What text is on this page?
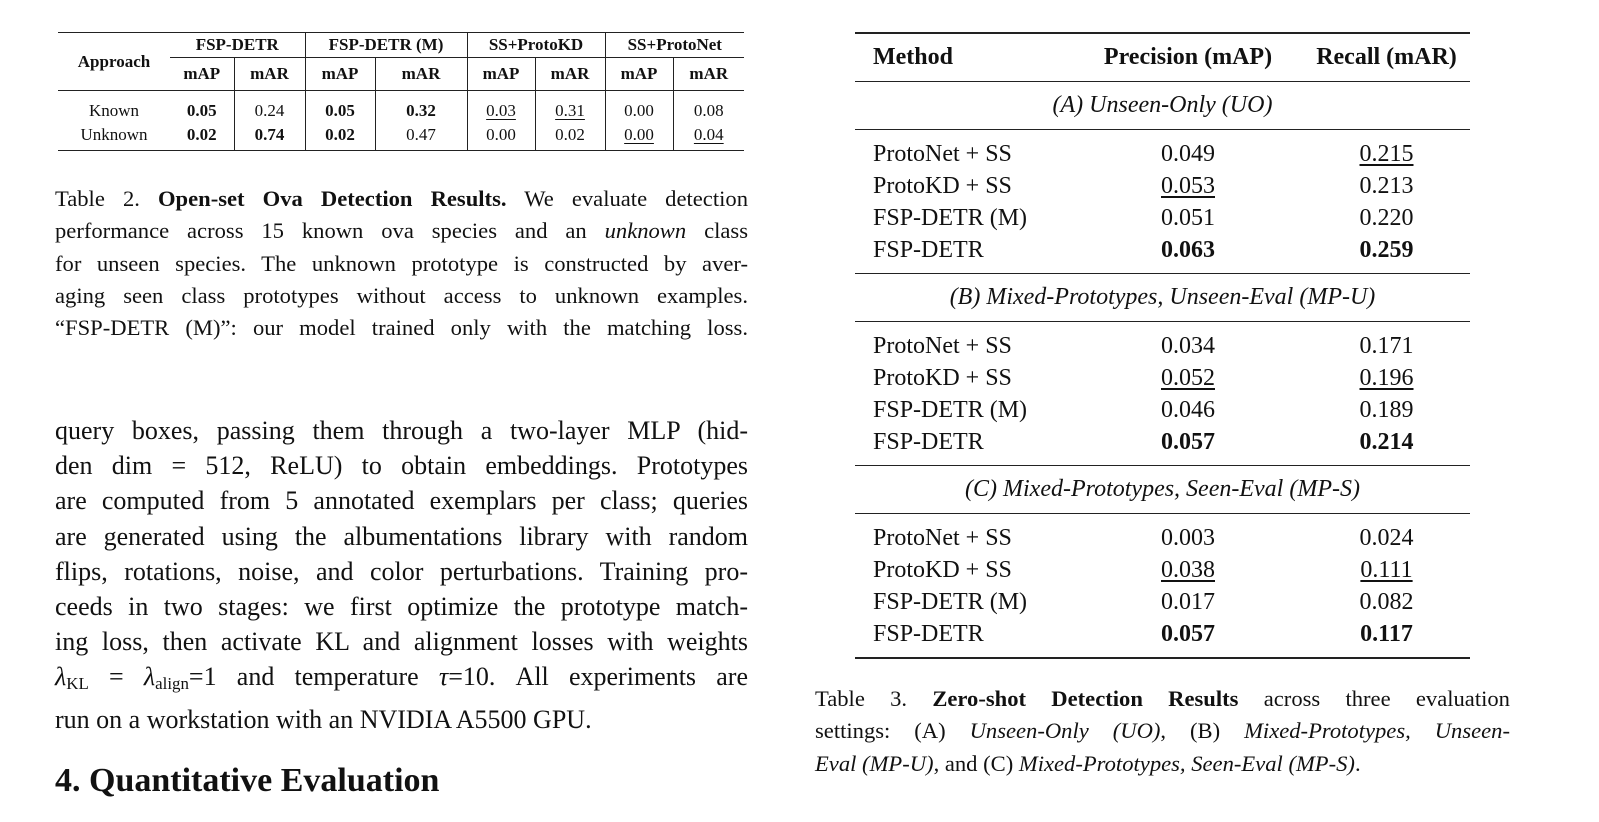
Approach	FSP-DETR		FSP-DETR (M)		SS+ProtoKD		SS+ProtoNet	
	mAP	mAR	mAP	mAR	mAP	mAR	mAP	mAR
Known	0.05	0.24	0.05	0.32	0.03	0.31	0.00	0.08
Unknown	0.02	0.74	0.02	0.47	0.00	0.02	0.00	0.04
Table 2. Open-set Ova Detection Results. We evaluate detection
performance across 15 known ova species and an unknown class
for unseen species. The unknown prototype is constructed by aver-
aging seen class prototypes without access to unknown examples.
“FSP-DETR (M)”: our model trained only with the matching loss.
query boxes, passing them through a two-layer MLP (hid-
den dim = 512, ReLU) to obtain embeddings. Prototypes
are computed from 5 annotated exemplars per class; queries
are generated using the albumentations library with random
flips, rotations, noise, and color perturbations. Training pro-
ceeds in two stages: we first optimize the prototype match-
ing loss, then activate KL and alignment losses with weights
$\lambda_{KL} = \lambda_{align}=1$ and temperature τ=10. All experiments are
run on a workstation with an NVIDIA A5500 GPU.
4. Quantitative Evaluation
Method	Precision (mAP)	Recall (mAR)
(A) Unseen-Only (UO)		
ProtoNet + SS	0.049	0.215
ProtoKD + SS	0.053	0.213
FSP-DETR (M)	0.051	0.220
FSP-DETR	0.063	0.259
(B) Mixed-Prototypes, Unseen-Eval (MP-U)		
ProtoNet + SS	0.034	0.171
ProtoKD + SS	0.052	0.196
FSP-DETR (M)	0.046	0.189
FSP-DETR	0.057	0.214
(C) Mixed-Prototypes, Seen-Eval (MP-S)		
ProtoNet + SS	0.003	0.024
ProtoKD + SS	0.038	0.111
FSP-DETR (M)	0.017	0.082
FSP-DETR	0.057	0.117
Table 3. Zero-shot Detection Results across three evaluation
settings: (A) Unseen-Only (UO), (B) Mixed-Prototypes, Unseen-
Eval (MP-U), and (C) Mixed-Prototypes, Seen-Eval (MP-S).
